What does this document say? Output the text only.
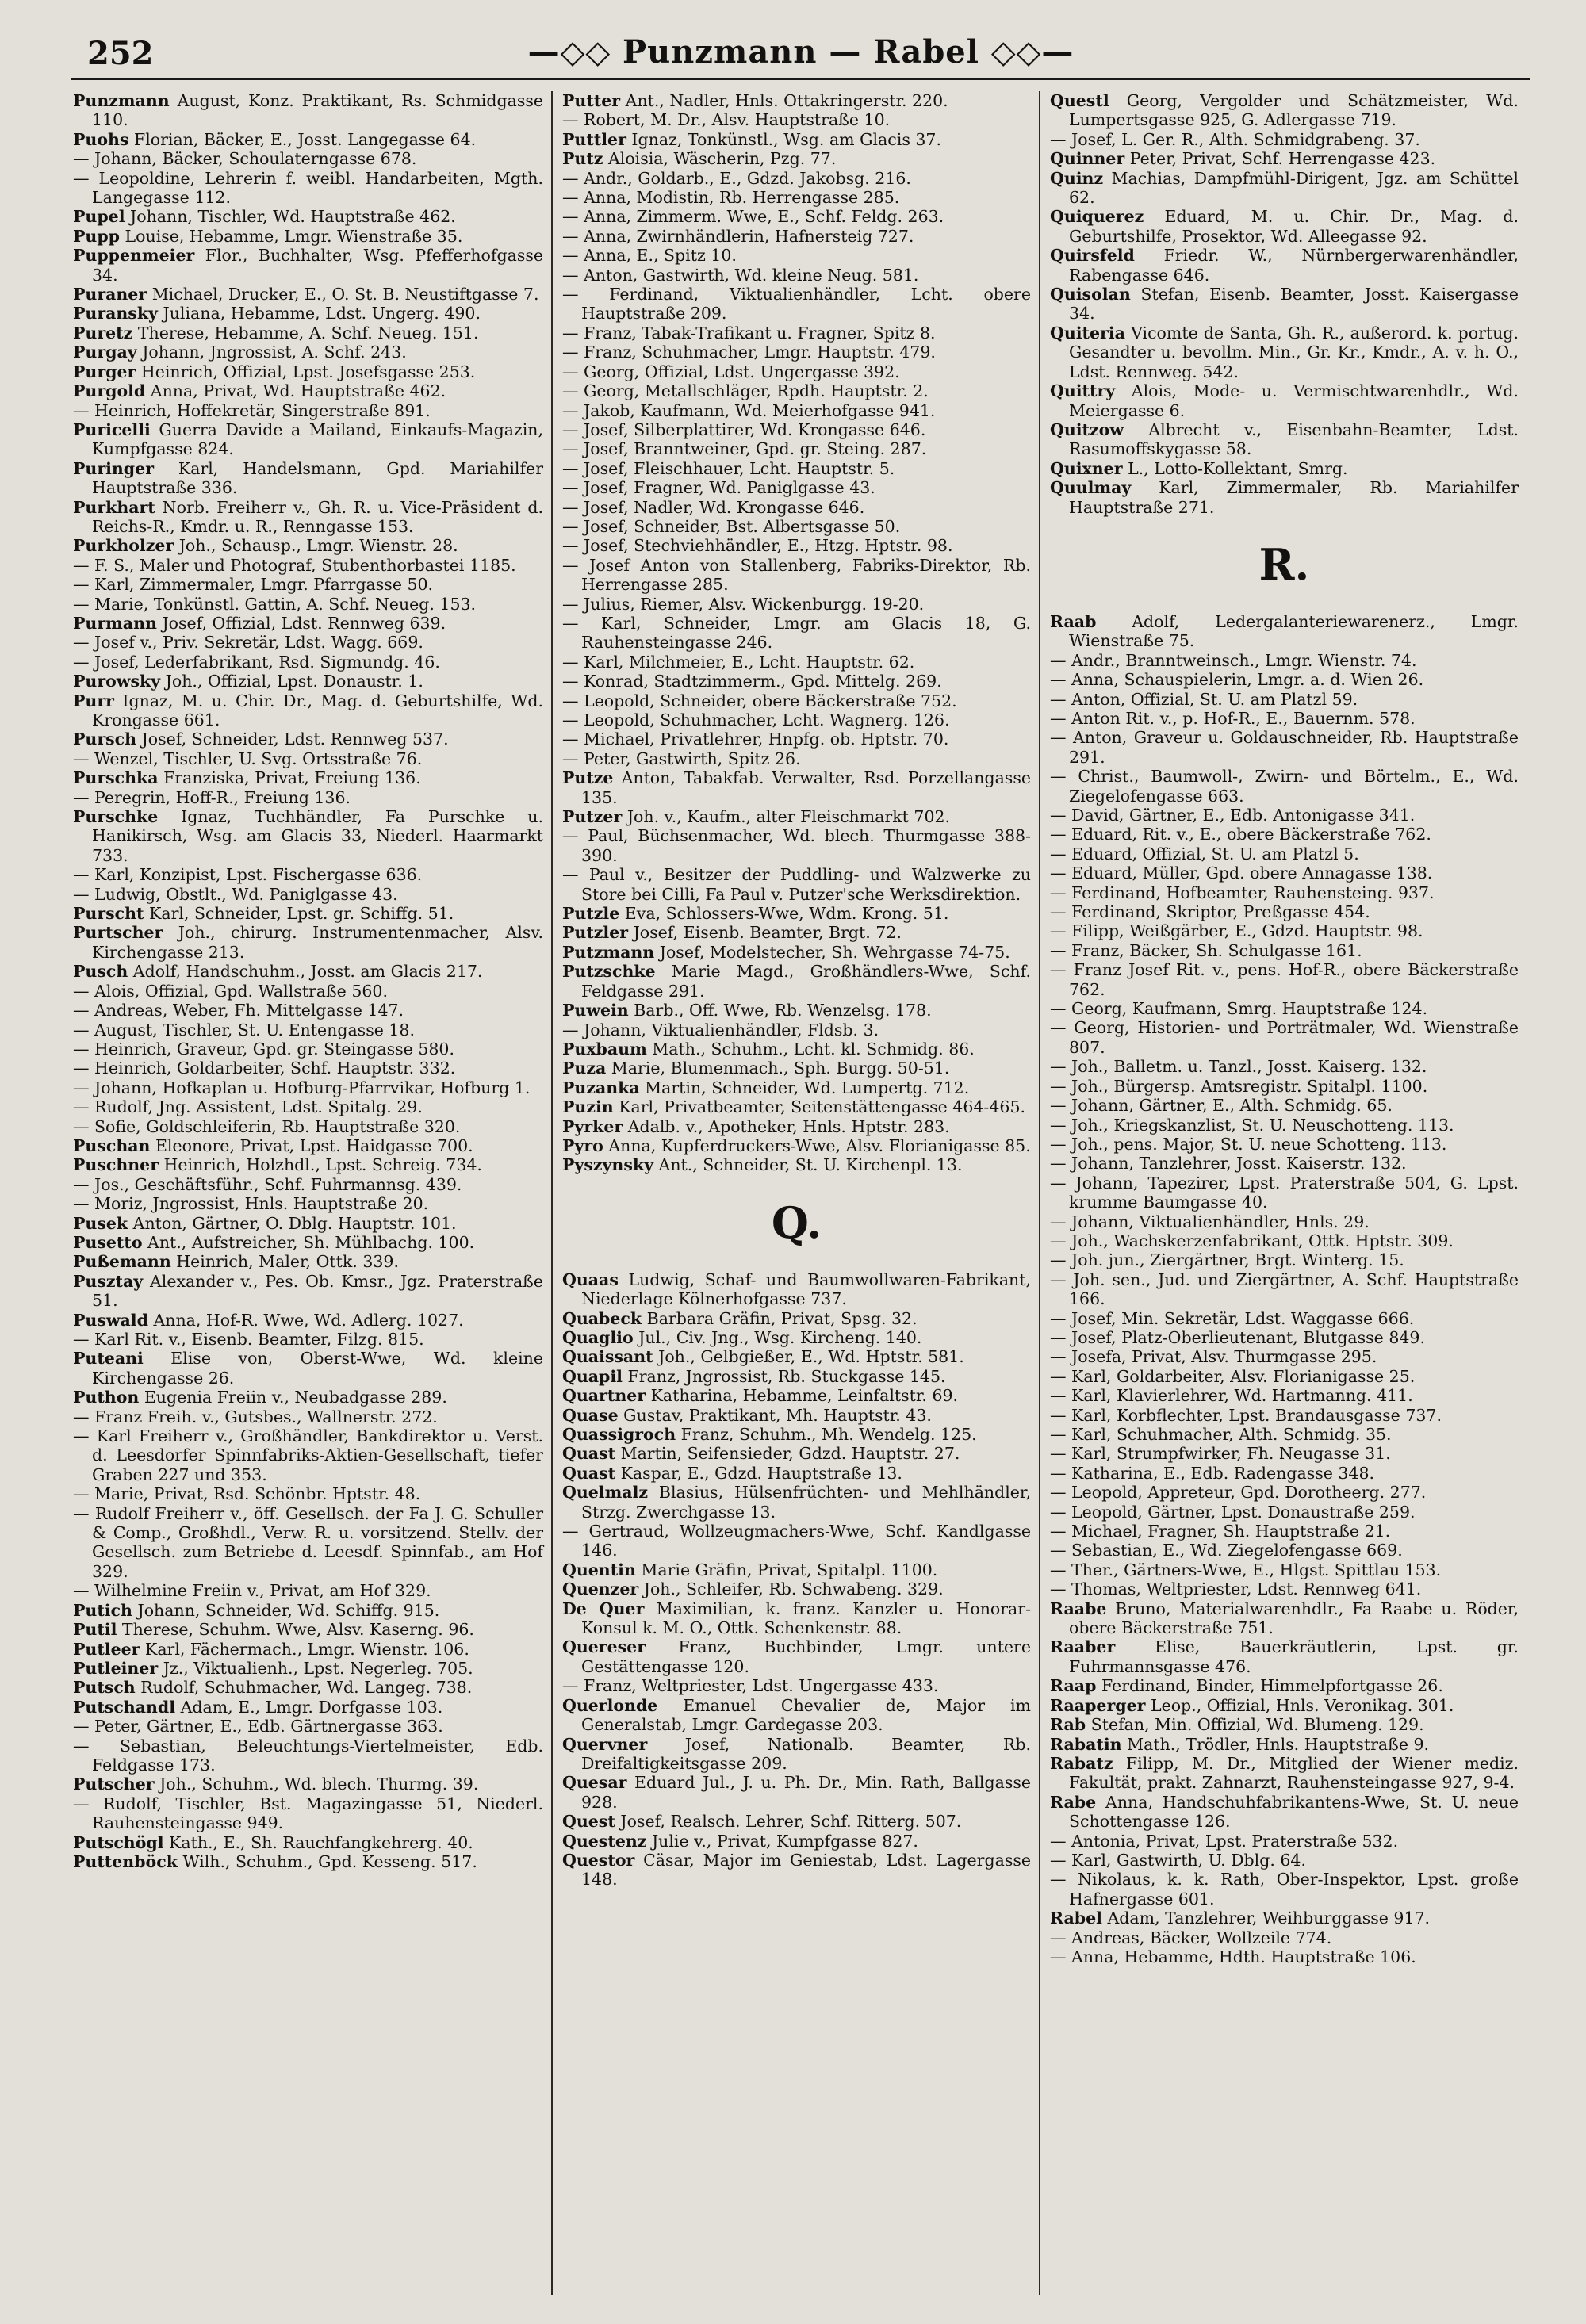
252	—◇◇ Punzmann — Rabel ◇◇—
Punzmann August, Konz. Praktikant, Rs. Schmidgasse 110.
Puohs Florian, Bäcker, E., Josst. Langegasse 64.
— Johann, Bäcker, Schoulaterngasse 678.
— Leopoldine, Lehrerin f. weibl. Handarbeiten, Mgth. Langegasse 112.
Pupel Johann, Tischler, Wd. Hauptstraße 462.
Pupp Louise, Hebamme, Lmgr. Wienstraße 35.
Puppenmeier Flor., Buchhalter, Wsg. Pfefferhofgasse 34.
Puraner Michael, Drucker, E., O. St. B. Neustiftgasse 7.
Puransky Juliana, Hebamme, Ldst. Ungerg. 490.
Puretz Therese, Hebamme, A. Schf. Neueg. 151.
Purgay Johann, Jngrossist, A. Schf. 243.
Purger Heinrich, Offizial, Lpst. Josefsgasse 253.
Purgold Anna, Privat, Wd. Hauptstraße 462.
— Heinrich, Hoffekretär, Singerstraße 891.
Puricelli Guerra Davide a Mailand, Einkaufs-Magazin, Kumpfgasse 824.
Puringer Karl, Handelsmann, Gpd. Mariahilfer Hauptstraße 336.
Purkhart Norb. Freiherr v., Gh. R. u. Vice-Präsident d. Reichs-R., Kmdr. u. R., Renngasse 153.
Purkholzer Joh., Schausp., Lmgr. Wienstr. 28.
— F. S., Maler und Photograf, Stubenthorbastei 1185.
— Karl, Zimmermaler, Lmgr. Pfarrgasse 50.
— Marie, Tonkünstl. Gattin, A. Schf. Neueg. 153.
Purmann Josef, Offizial, Ldst. Rennweg 639.
— Josef v., Priv. Sekretär, Ldst. Wagg. 669.
— Josef, Lederfabrikant, Rsd. Sigmundg. 46.
Purowsky Joh., Offizial, Lpst. Donaustr. 1.
Purr Ignaz, M. u. Chir. Dr., Mag. d. Geburtshilfe, Wd. Krongasse 661.
Pursch Josef, Schneider, Ldst. Rennweg 537.
— Wenzel, Tischler, U. Svg. Ortsstraße 76.
Purschka Franziska, Privat, Freiung 136.
— Peregrin, Hoff-R., Freiung 136.
Purschke Ignaz, Tuchhändler, Fa Purschke u. Hanikirsch, Wsg. am Glacis 33, Niederl. Haarmarkt 733.
— Karl, Konzipist, Lpst. Fischergasse 636.
— Ludwig, Obstlt., Wd. Paniglgasse 43.
Purscht Karl, Schneider, Lpst. gr. Schiffg. 51.
Purtscher Joh., chirurg. Instrumentenmacher, Alsv. Kirchengasse 213.
Pusch Adolf, Handschuhm., Josst. am Glacis 217.
— Alois, Offizial, Gpd. Wallstraße 560.
— Andreas, Weber, Fh. Mittelgasse 147.
— August, Tischler, St. U. Entengasse 18.
— Heinrich, Graveur, Gpd. gr. Steingasse 580.
— Heinrich, Goldarbeiter, Schf. Hauptstr. 332.
— Johann, Hofkaplan u. Hofburg-Pfarrvikar, Hofburg 1.
— Rudolf, Jng. Assistent, Ldst. Spitalg. 29.
— Sofie, Goldschleiferin, Rb. Hauptstraße 320.
Puschan Eleonore, Privat, Lpst. Haidgasse 700.
Puschner Heinrich, Holzhdl., Lpst. Schreig. 734.
— Jos., Geschäftsführ., Schf. Fuhrmannsg. 439.
— Moriz, Jngrossist, Hnls. Hauptstraße 20.
Pusek Anton, Gärtner, O. Dblg. Hauptstr. 101.
Pusetto Ant., Aufstreicher, Sh. Mühlbachg. 100.
Pußemann Heinrich, Maler, Ottk. 339.
Pusztay Alexander v., Pes. Ob. Kmsr., Jgz. Praterstraße 51.
Puswald Anna, Hof-R. Wwe, Wd. Adlerg. 1027.
— Karl Rit. v., Eisenb. Beamter, Filzg. 815.
Puteani Elise von, Oberst-Wwe, Wd. kleine Kirchengasse 26.
Puthon Eugenia Freiin v., Neubadgasse 289.
— Franz Freih. v., Gutsbes., Wallnerstr. 272.
— Karl Freiherr v., Großhändler, Bankdirektor u. Verst. d. Leesdorfer Spinnfabriks-Aktien-Gesellschaft, tiefer Graben 227 und 353.
— Marie, Privat, Rsd. Schönbr. Hptstr. 48.
— Rudolf Freiherr v., öff. Gesellsch. der Fa J. G. Schuller & Comp., Großhdl., Verw. R. u. vorsitzend. Stellv. der Gesellsch. zum Betriebe d. Leesdf. Spinnfab., am Hof 329.
— Wilhelmine Freiin v., Privat, am Hof 329.
Putich Johann, Schneider, Wd. Schiffg. 915.
Putil Therese, Schuhm. Wwe, Alsv. Kaserng. 96.
Putleer Karl, Fächermach., Lmgr. Wienstr. 106.
Putleiner Jz., Viktualienh., Lpst. Negerleg. 705.
Putsch Rudolf, Schuhmacher, Wd. Langeg. 738.
Putschandl Adam, E., Lmgr. Dorfgasse 103.
— Peter, Gärtner, E., Edb. Gärtnergasse 363.
— Sebastian, Beleuchtungs-Viertelmeister, Edb. Feldgasse 173.
Putscher Joh., Schuhm., Wd. blech. Thurmg. 39.
— Rudolf, Tischler, Bst. Magazingasse 51, Niederl. Rauhensteingasse 949.
Putschögl Kath., E., Sh. Rauchfangkehrerg. 40.
Puttenböck Wilh., Schuhm., Gpd. Kesseng. 517.
Putter Ant., Nadler, Hnls. Ottakringerstr. 220.
— Robert, M. Dr., Alsv. Hauptstraße 10.
Puttler Ignaz, Tonkünstl., Wsg. am Glacis 37.
Putz Aloisia, Wäscherin, Pzg. 77.
— Andr., Goldarb., E., Gdzd. Jakobsg. 216.
— Anna, Modistin, Rb. Herrengasse 285.
— Anna, Zimmerm. Wwe, E., Schf. Feldg. 263.
— Anna, Zwirnhändlerin, Hafnersteig 727.
— Anna, E., Spitz 10.
— Anton, Gastwirth, Wd. kleine Neug. 581.
— Ferdinand, Viktualienhändler, Lcht. obere Hauptstraße 209.
— Franz, Tabak-Trafikant u. Fragner, Spitz 8.
— Franz, Schuhmacher, Lmgr. Hauptstr. 479.
— Georg, Offizial, Ldst. Ungergasse 392.
— Georg, Metallschläger, Rpdh. Hauptstr. 2.
— Jakob, Kaufmann, Wd. Meierhofgasse 941.
— Josef, Silberplattirer, Wd. Krongasse 646.
— Josef, Branntweiner, Gpd. gr. Steing. 287.
— Josef, Fleischhauer, Lcht. Hauptstr. 5.
— Josef, Fragner, Wd. Paniglgasse 43.
— Josef, Nadler, Wd. Krongasse 646.
— Josef, Schneider, Bst. Albertsgasse 50.
— Josef, Stechviehhändler, E., Htzg. Hptstr. 98.
— Josef Anton von Stallenberg, Fabriks-Direktor, Rb. Herrengasse 285.
— Julius, Riemer, Alsv. Wickenburgg. 19-20.
— Karl, Schneider, Lmgr. am Glacis 18, G. Rauhensteingasse 246.
— Karl, Milchmeier, E., Lcht. Hauptstr. 62.
— Konrad, Stadtzimmerm., Gpd. Mittelg. 269.
— Leopold, Schneider, obere Bäckerstraße 752.
— Leopold, Schuhmacher, Lcht. Wagnerg. 126.
— Michael, Privatlehrer, Hnpfg. ob. Hptstr. 70.
— Peter, Gastwirth, Spitz 26.
Putze Anton, Tabakfab. Verwalter, Rsd. Porzellangasse 135.
Putzer Joh. v., Kaufm., alter Fleischmarkt 702.
— Paul, Büchsenmacher, Wd. blech. Thurmgasse 388-390.
— Paul v., Besitzer der Puddling- und Walzwerke zu Store bei Cilli, Fa Paul v. Putzer'sche Werksdirektion.
Putzle Eva, Schlossers-Wwe, Wdm. Krong. 51.
Putzler Josef, Eisenb. Beamter, Brgt. 72.
Putzmann Josef, Modelstecher, Sh. Wehrgasse 74-75.
Putzschke Marie Magd., Großhändlers-Wwe, Schf. Feldgasse 291.
Puwein Barb., Off. Wwe, Rb. Wenzelsg. 178.
— Johann, Viktualienhändler, Fldsb. 3.
Puxbaum Math., Schuhm., Lcht. kl. Schmidg. 86.
Puza Marie, Blumenmach., Sph. Burgg. 50-51.
Puzanka Martin, Schneider, Wd. Lumpertg. 712.
Puzin Karl, Privatbeamter, Seitenstättengasse 464-465.
Pyrker Adalb. v., Apotheker, Hnls. Hptstr. 283.
Pyro Anna, Kupferdruckers-Wwe, Alsv. Florianigasse 85.
Pyszynsky Ant., Schneider, St. U. Kirchenpl. 13.
Q.
Quaas Ludwig, Schaf- und Baumwollwaren-Fabrikant, Niederlage Kölnerhofgasse 737.
Quabeck Barbara Gräfin, Privat, Spsg. 32.
Quaglio Jul., Civ. Jng., Wsg. Kircheng. 140.
Quaissant Joh., Gelbgießer, E., Wd. Hptstr. 581.
Quapil Franz, Jngrossist, Rb. Stuckgasse 145.
Quartner Katharina, Hebamme, Leinfaltstr. 69.
Quase Gustav, Praktikant, Mh. Hauptstr. 43.
Quassigroch Franz, Schuhm., Mh. Wendelg. 125.
Quast Martin, Seifensieder, Gdzd. Hauptstr. 27.
Quast Kaspar, E., Gdzd. Hauptstraße 13.
Quelmalz Blasius, Hülsenfrüchten- und Mehlhändler, Strzg. Zwerchgasse 13.
— Gertraud, Wollzeugmachers-Wwe, Schf. Kandlgasse 146.
Quentin Marie Gräfin, Privat, Spitalpl. 1100.
Quenzer Joh., Schleifer, Rb. Schwabeng. 329.
De Quer Maximilian, k. franz. Kanzler u. Honorar-Konsul k. M. O., Ottk. Schenkenstr. 88.
Quereser Franz, Buchbinder, Lmgr. untere Gestättengasse 120.
— Franz, Weltpriester, Ldst. Ungergasse 433.
Querlonde Emanuel Chevalier de, Major im Generalstab, Lmgr. Gardegasse 203.
Quervner Josef, Nationalb. Beamter, Rb. Dreifaltigkeitsgasse 209.
Quesar Eduard Jul., J. u. Ph. Dr., Min. Rath, Ballgasse 928.
Quest Josef, Realsch. Lehrer, Schf. Ritterg. 507.
Questenz Julie v., Privat, Kumpfgasse 827.
Questor Cäsar, Major im Geniestab, Ldst. Lagergasse 148.
Questl Georg, Vergolder und Schätzmeister, Wd. Lumpertsgasse 925, G. Adlergasse 719.
— Josef, L. Ger. R., Alth. Schmidgrabeng. 37.
Quinner Peter, Privat, Schf. Herrengasse 423.
Quinz Machias, Dampfmühl-Dirigent, Jgz. am Schüttel 62.
Quiquerez Eduard, M. u. Chir. Dr., Mag. d. Geburtshilfe, Prosektor, Wd. Alleegasse 92.
Quirsfeld Friedr. W., Nürnbergerwarenhändler, Rabengasse 646.
Quisolan Stefan, Eisenb. Beamter, Josst. Kaisergasse 34.
Quiteria Vicomte de Santa, Gh. R., außerord. k. portug. Gesandter u. bevollm. Min., Gr. Kr., Kmdr., A. v. h. O., Ldst. Rennweg. 542.
Quittry Alois, Mode- u. Vermischtwarenhdlr., Wd. Meiergasse 6.
Quitzow Albrecht v., Eisenbahn-Beamter, Ldst. Rasumoffskygasse 58.
Quixner L., Lotto-Kollektant, Smrg.
Quulmay Karl, Zimmermaler, Rb. Mariahilfer Hauptstraße 271.
R.
Raab Adolf, Ledergalanteriewarenerz., Lmgr. Wienstraße 75.
— Andr., Branntweinsch., Lmgr. Wienstr. 74.
— Anna, Schauspielerin, Lmgr. a. d. Wien 26.
— Anton, Offizial, St. U. am Platzl 59.
— Anton Rit. v., p. Hof-R., E., Bauernm. 578.
— Anton, Graveur u. Goldauschneider, Rb. Hauptstraße 291.
— Christ., Baumwoll-, Zwirn- und Börtelm., E., Wd. Ziegelofengasse 663.
— David, Gärtner, E., Edb. Antonigasse 341.
— Eduard, Rit. v., E., obere Bäckerstraße 762.
— Eduard, Offizial, St. U. am Platzl 5.
— Eduard, Müller, Gpd. obere Annagasse 138.
— Ferdinand, Hofbeamter, Rauhensteing. 937.
— Ferdinand, Skriptor, Preßgasse 454.
— Filipp, Weißgärber, E., Gdzd. Hauptstr. 98.
— Franz, Bäcker, Sh. Schulgasse 161.
— Franz Josef Rit. v., pens. Hof-R., obere Bäckerstraße 762.
— Georg, Kaufmann, Smrg. Hauptstraße 124.
— Georg, Historien- und Porträtmaler, Wd. Wienstraße 807.
— Joh., Balletm. u. Tanzl., Josst. Kaiserg. 132.
— Joh., Bürgersp. Amtsregistr. Spitalpl. 1100.
— Johann, Gärtner, E., Alth. Schmidg. 65.
— Joh., Kriegskanzlist, St. U. Neuschotteng. 113.
— Joh., pens. Major, St. U. neue Schotteng. 113.
— Johann, Tanzlehrer, Josst. Kaiserstr. 132.
— Johann, Tapezirer, Lpst. Praterstraße 504, G. Lpst. krumme Baumgasse 40.
— Johann, Viktualienhändler, Hnls. 29.
— Joh., Wachskerzenfabrikant, Ottk. Hptstr. 309.
— Joh. jun., Ziergärtner, Brgt. Winterg. 15.
— Joh. sen., Jud. und Ziergärtner, A. Schf. Hauptstraße 166.
— Josef, Min. Sekretär, Ldst. Waggasse 666.
— Josef, Platz-Oberlieutenant, Blutgasse 849.
— Josefa, Privat, Alsv. Thurmgasse 295.
— Karl, Goldarbeiter, Alsv. Florianigasse 25.
— Karl, Klavierlehrer, Wd. Hartmanng. 411.
— Karl, Korbflechter, Lpst. Brandausgasse 737.
— Karl, Schuhmacher, Alth. Schmidg. 35.
— Karl, Strumpfwirker, Fh. Neugasse 31.
— Katharina, E., Edb. Radengasse 348.
— Leopold, Appreteur, Gpd. Dorotheerg. 277.
— Leopold, Gärtner, Lpst. Donaustraße 259.
— Michael, Fragner, Sh. Hauptstraße 21.
— Sebastian, E., Wd. Ziegelofengasse 669.
— Ther., Gärtners-Wwe, E., Hlgst. Spittlau 153.
— Thomas, Weltpriester, Ldst. Rennweg 641.
Raabe Bruno, Materialwarenhdlr., Fa Raabe u. Röder, obere Bäckerstraße 751.
Raaber Elise, Bauerkräutlerin, Lpst. gr. Fuhrmannsgasse 476.
Raap Ferdinand, Binder, Himmelpfortgasse 26.
Raaperger Leop., Offizial, Hnls. Veronikag. 301.
Rab Stefan, Min. Offizial, Wd. Blumeng. 129.
Rabatin Math., Trödler, Hnls. Hauptstraße 9.
Rabatz Filipp, M. Dr., Mitglied der Wiener mediz. Fakultät, prakt. Zahnarzt, Rauhensteingasse 927, 9-4.
Rabe Anna, Handschuhfabrikantens-Wwe, St. U. neue Schottengasse 126.
— Antonia, Privat, Lpst. Praterstraße 532.
— Karl, Gastwirth, U. Dblg. 64.
— Nikolaus, k. k. Rath, Ober-Inspektor, Lpst. große Hafnergasse 601.
Rabel Adam, Tanzlehrer, Weihburggasse 917.
— Andreas, Bäcker, Wollzeile 774.
— Anna, Hebamme, Hdth. Hauptstraße 106.
